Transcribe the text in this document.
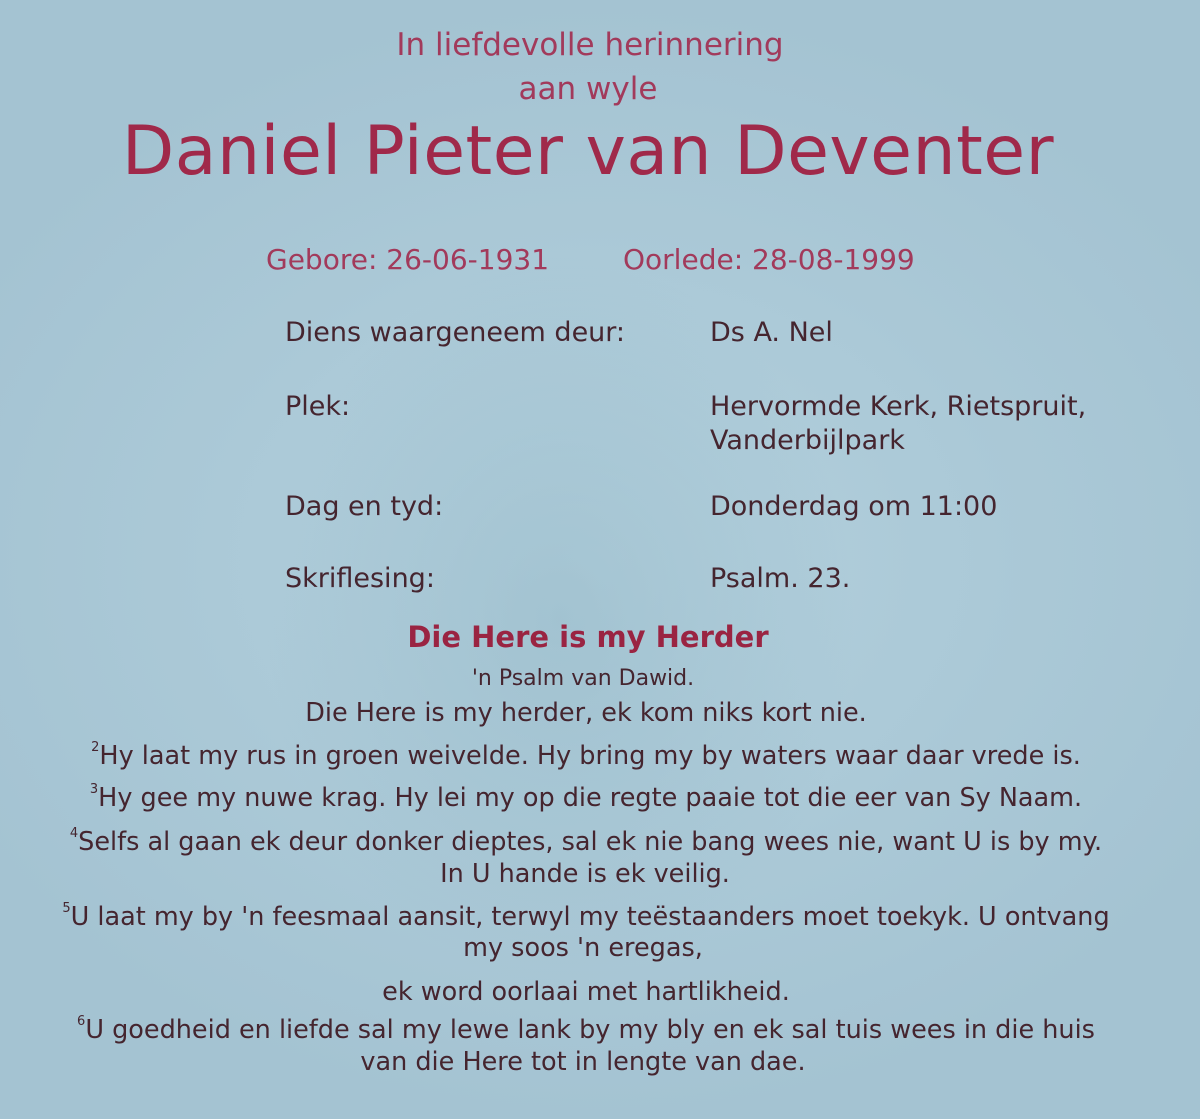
In liefdevolle herinnering
aan wyle
Daniel Pieter van Deventer
Gebore: 26-06-1931	Oorlede: 28-08-1999
Diens waargeneem deur:	Ds A. Nel
Plek:	Hervormde Kerk, Rietspruit,
Vanderbijlpark
Dag en tyd:	Donderdag om 11:00
Skriflesing:	Psalm. 23.
Die Here is my Herder
'n Psalm van Dawid.
Die Here is my herder, ek kom niks kort nie.
$^2$Hy laat my rus in groen weivelde. Hy bring my by waters waar daar vrede is.
$^3$Hy gee my nuwe krag. Hy lei my op die regte paaie tot die eer van Sy Naam.
$^4$Selfs al gaan ek deur donker dieptes, sal ek nie bang wees nie, want U is by my.
In U hande is ek veilig.
$^5$U laat my by 'n feesmaal aansit, terwyl my teëstaanders moet toekyk. U ontvang
my soos 'n eregas,
ek word oorlaai met hartlikheid.
$^6$U goedheid en liefde sal my lewe lank by my bly en ek sal tuis wees in die huis
van die Here tot in lengte van dae.
